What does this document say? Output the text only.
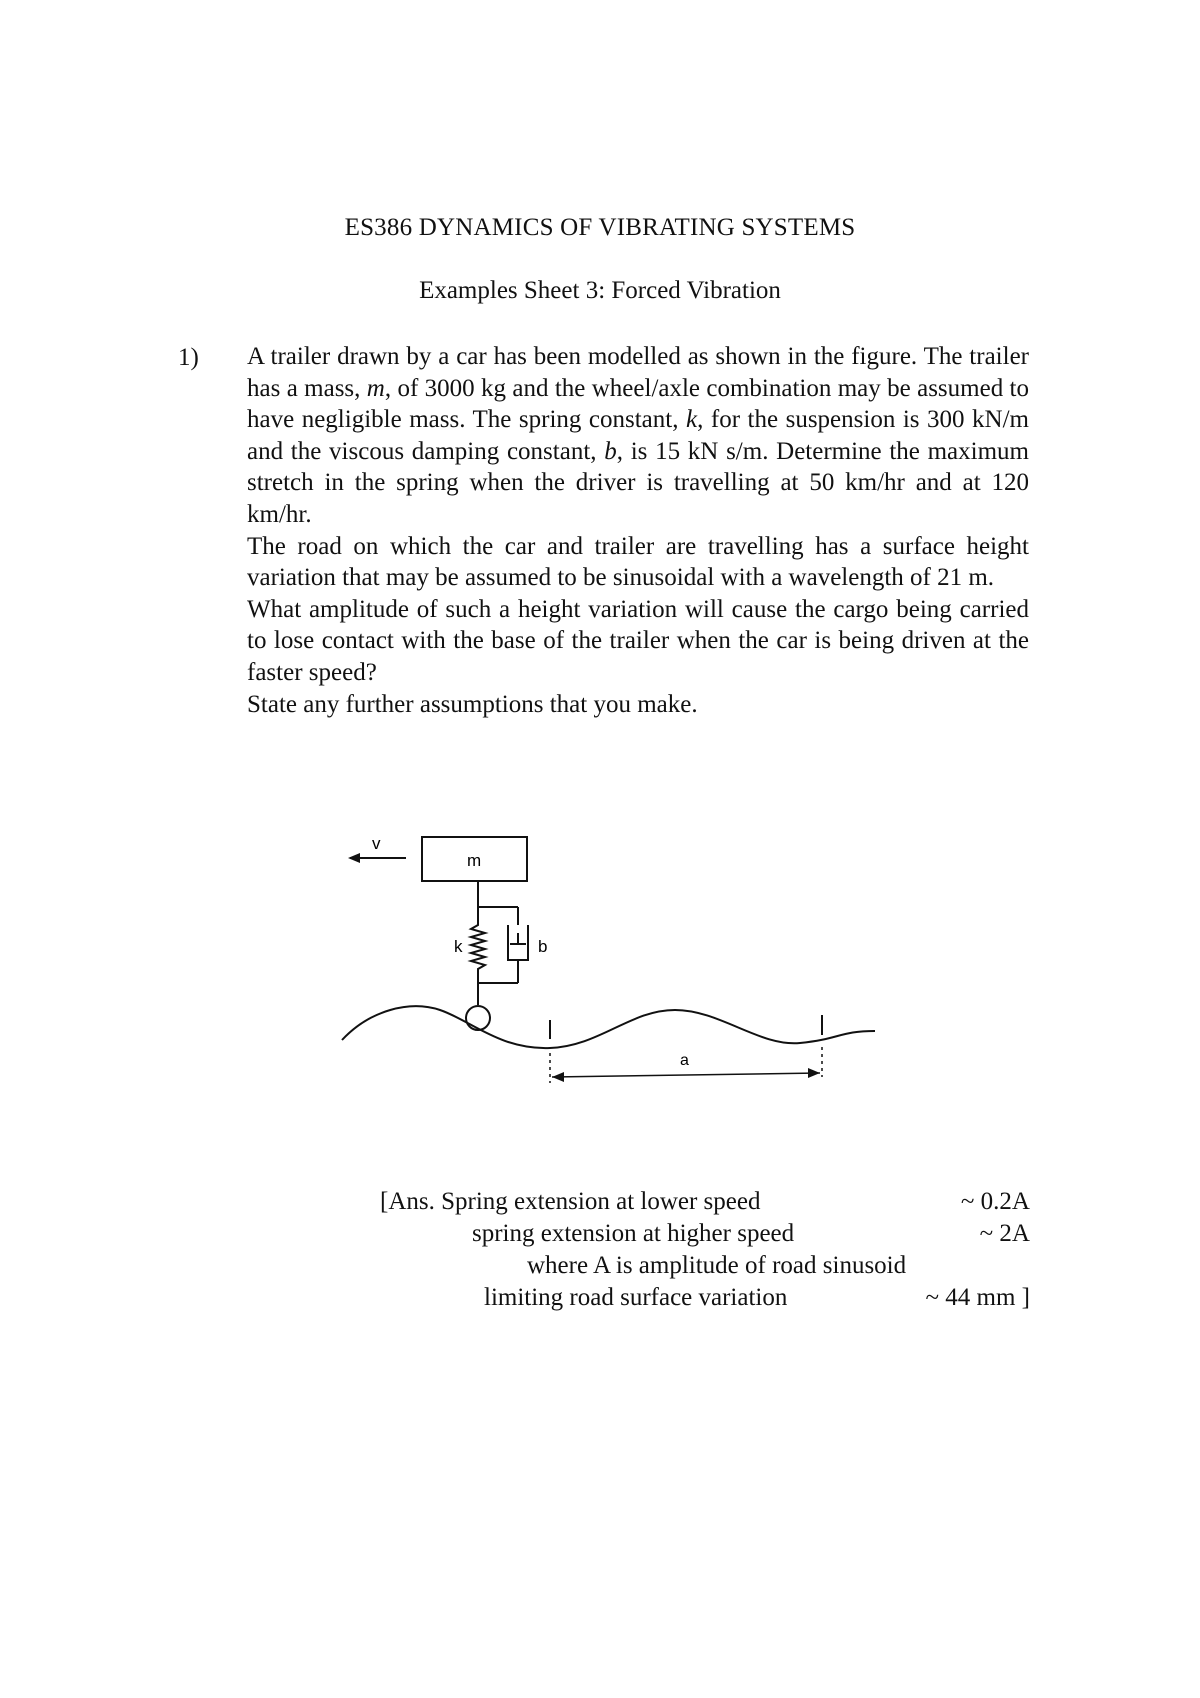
ES386 DYNAMICS OF VIBRATING SYSTEMS
Examples Sheet 3: Forced Vibration
1) A trailer drawn by a car has been modelled as shown in the figure. The trailer has a mass, m, of 3000 kg and the wheel/axle combination may be assumed to have negligible mass. The spring constant, k, for the suspension is 300 kN/m and the viscous damping constant, b, is 15 kN s/m. Determine the maximum stretch in the spring when the driver is travelling at 50 km/hr and at 120 km/hr.

The road on which the car and trailer are travelling has a surface height variation that may be assumed to be sinusoidal with a wavelength of 21 m.

What amplitude of such a height variation will cause the cargo being carried to lose contact with the base of the trailer when the car is being driven at the faster speed?

State any further assumptions that you make.

v
m
k	b
a
[Ans. Spring extension at lower speed	~ 0.2A
spring extension at higher speed	~ 2A
where A is amplitude of road sinusoid
limiting road surface variation	~ 44 mm ]
